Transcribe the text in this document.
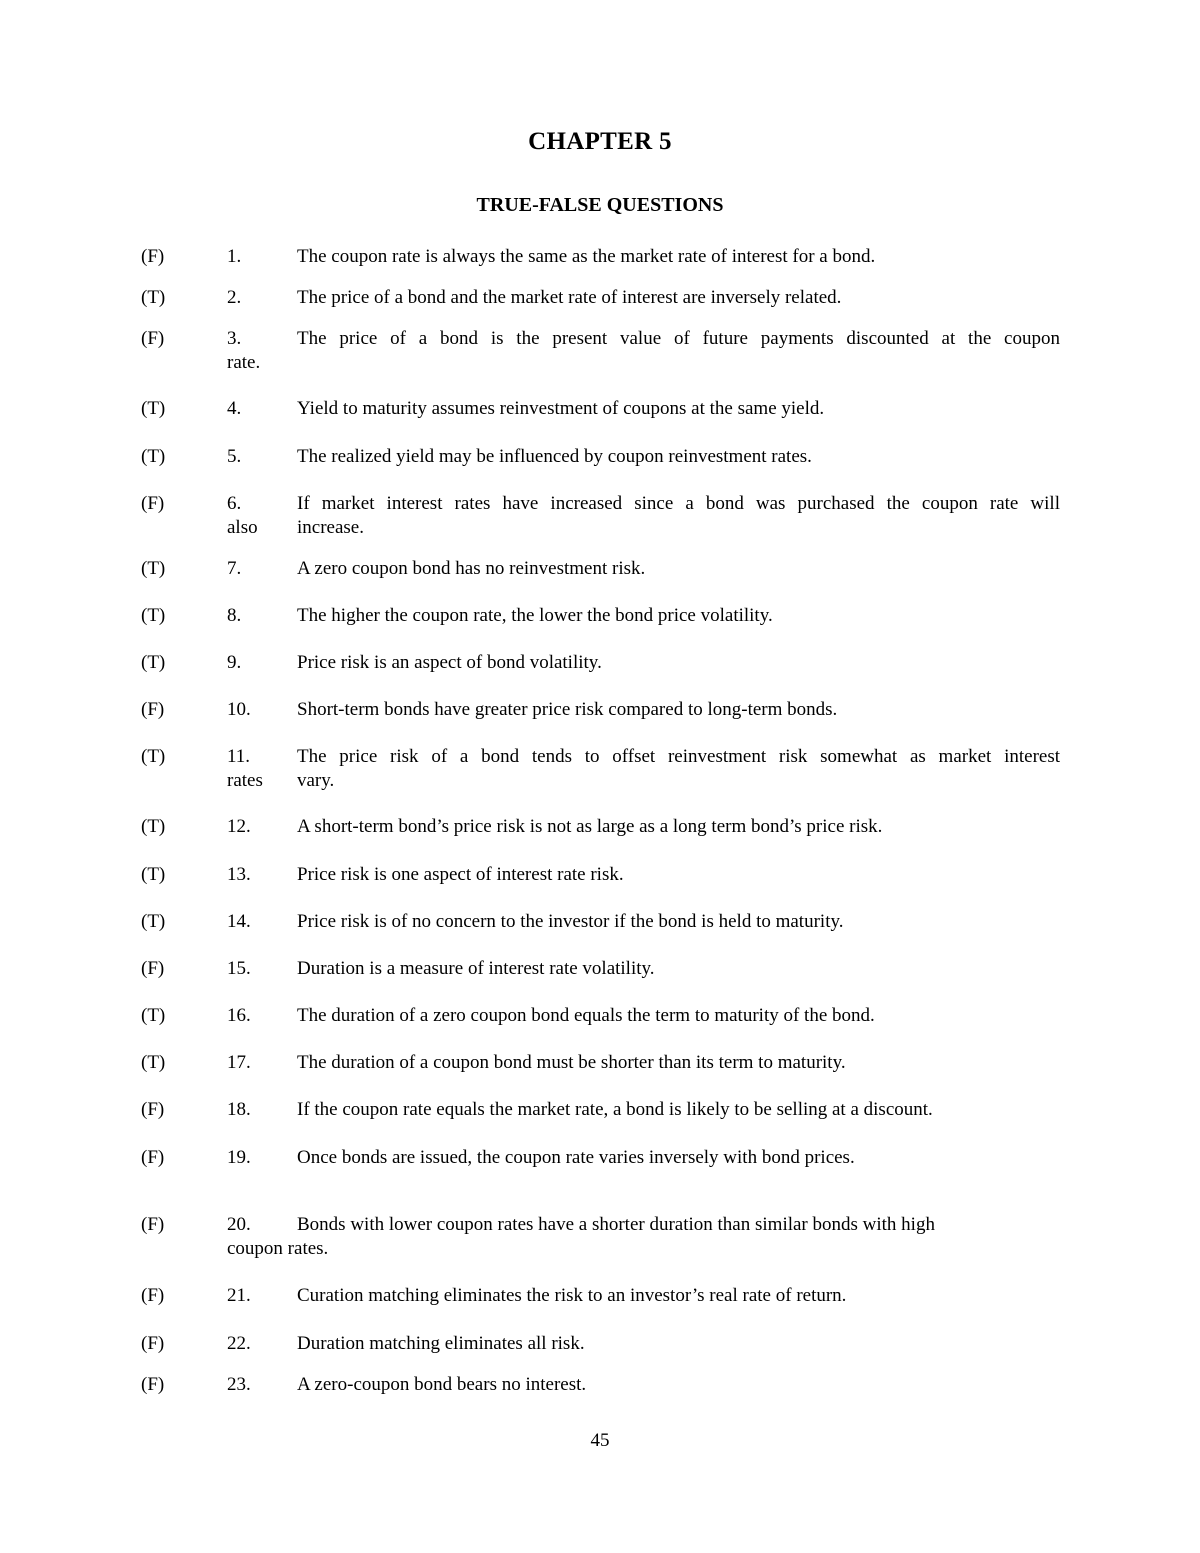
CHAPTER 5
TRUE-FALSE QUESTIONS
(F)	1.	The coupon rate is always the same as the market rate of interest for a bond.
(T)	2.	The price of a bond and the market rate of interest are inversely related.
(F)	3.	The price of a bond is the present value of future payments discounted at the coupon
rate.
(T)	4.	Yield to maturity assumes reinvestment of coupons at the same yield.
(T)	5.	The realized yield may be influenced by coupon reinvestment rates.
(F)	6.	If market interest rates have increased since a bond was purchased the coupon rate will
also increase.
(T)	7.	A zero coupon bond has no reinvestment risk.
(T)	8.	The higher the coupon rate, the lower the bond price volatility.
(T)	9.	Price risk is an aspect of bond volatility.
(F)	10. Short-term bonds have greater price risk compared to long-term bonds.
(T)	11. The price risk of a bond tends to offset reinvestment risk somewhat as market interest
rates vary.
(T)	12. A short-term bond’s price risk is not as large as a long term bond’s price risk.
(T)	13. Price risk is one aspect of interest rate risk.
(T)	14. Price risk is of no concern to the investor if the bond is held to maturity.
(F)	15. Duration is a measure of interest rate volatility.
(T)	16. The duration of a zero coupon bond equals the term to maturity of the bond.
(T)	17. The duration of a coupon bond must be shorter than its term to maturity.
(F)	18. If the coupon rate equals the market rate, a bond is likely to be selling at a discount.
(F)	19. Once bonds are issued, the coupon rate varies inversely with bond prices.
(F)	20. Bonds with lower coupon rates have a shorter duration than similar bonds with high
coupon rates.
(F)	21. Curation matching eliminates the risk to an investor’s real rate of return.
(F)	22. Duration matching eliminates all risk.
(F)	23. A zero-coupon bond bears no interest.
45
